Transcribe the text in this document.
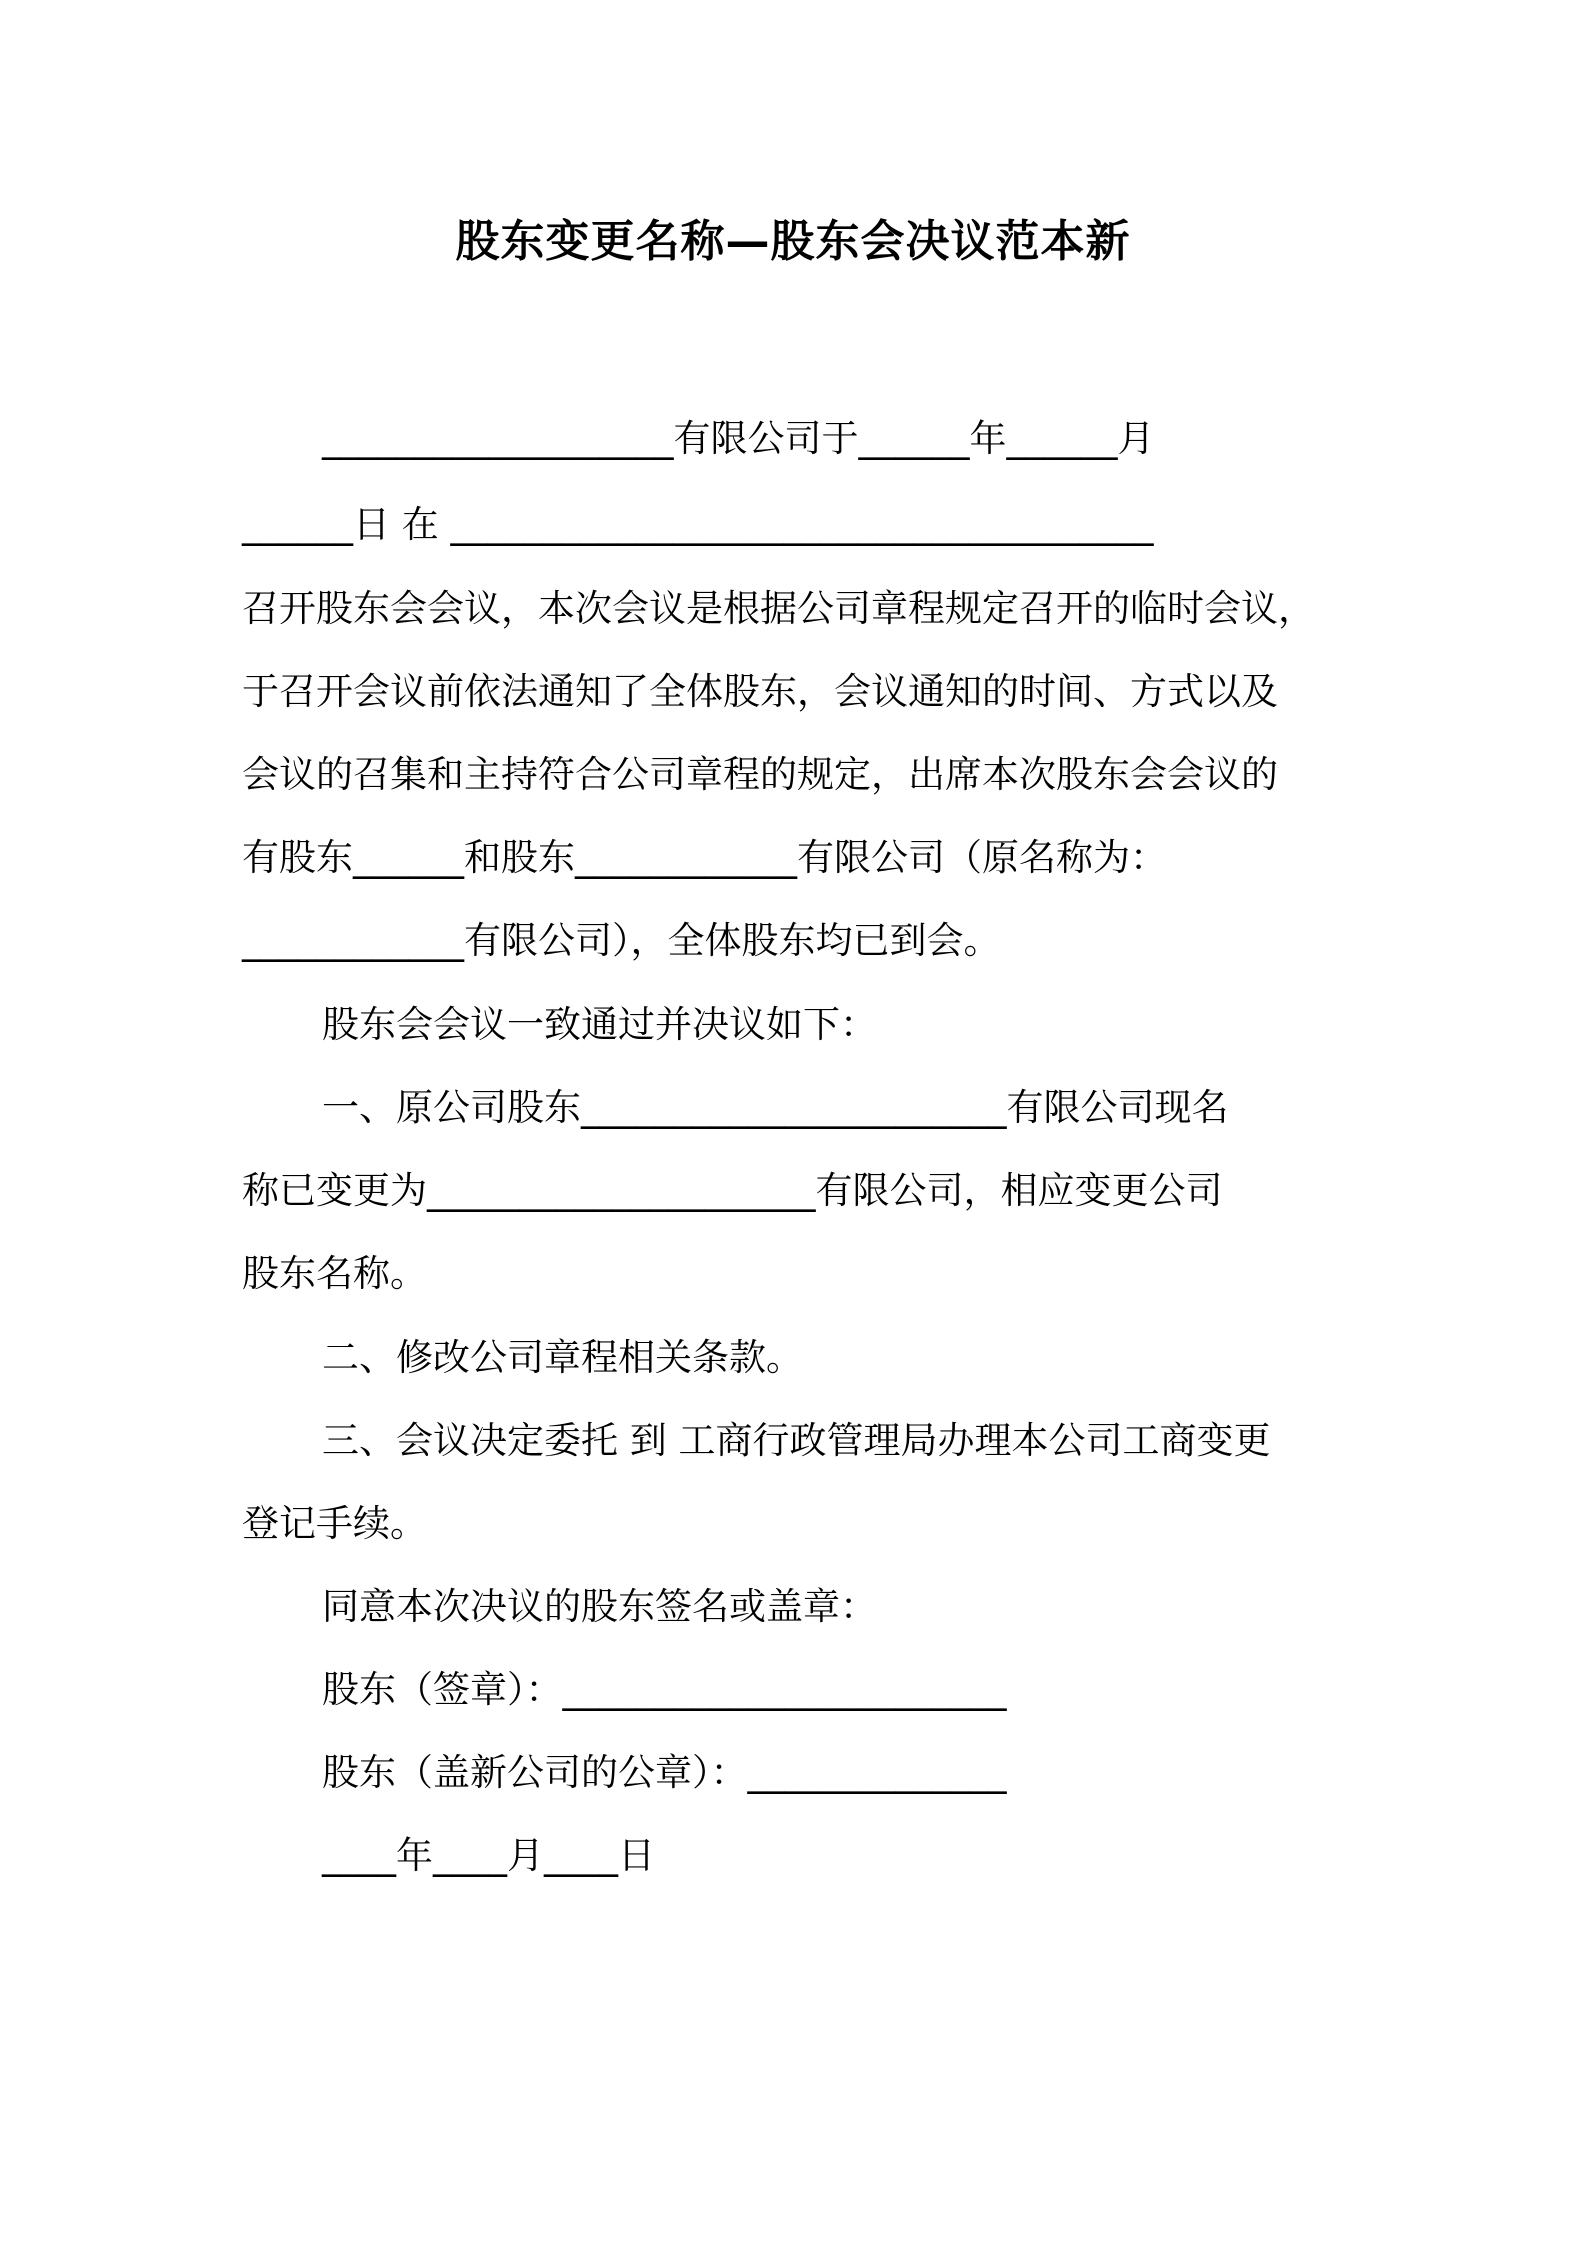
股东变更名称—股东会决议范本新
___________________有限公司于______年______月
______日 在 ______________________________________
召开股东会会议，本次会议是根据公司章程规定召开的临时会议，
于召开会议前依法通知了全体股东，会议通知的时间、方式以及
会议的召集和主持符合公司章程的规定，出席本次股东会会议的
有股东______和股东____________有限公司（原名称为：
____________有限公司），全体股东均已到会。
股东会会议一致通过并决议如下：
一、原公司股东_______________________有限公司现名
称已变更为_____________________有限公司，相应变更公司
股东名称。
二、修改公司章程相关条款。
三、会议决定委托 到 工商行政管理局办理本公司工商变更
登记手续。
同意本次决议的股东签名或盖章：
股东（签章）：________________________
股东（盖新公司的公章）：______________
____年____月____日
